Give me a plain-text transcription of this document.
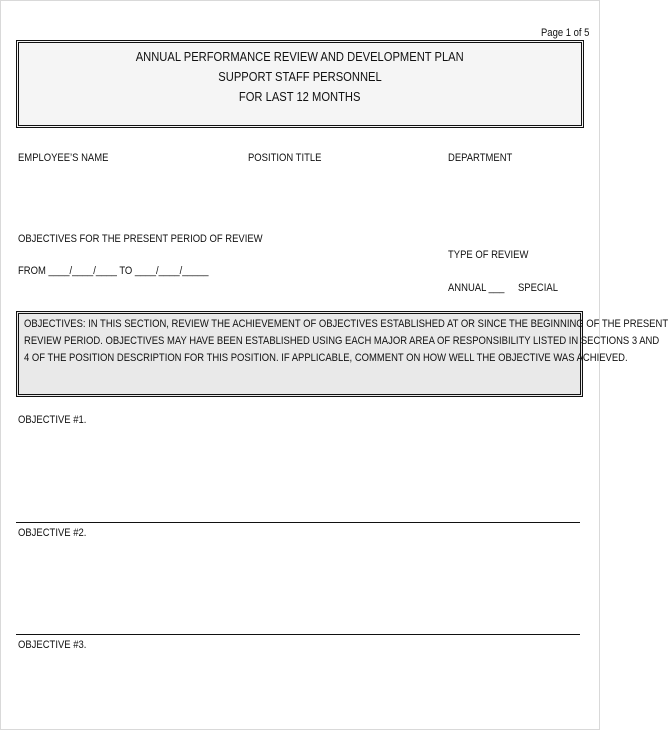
Page 1 of 5
ANNUAL PERFORMANCE REVIEW AND DEVELOPMENT PLAN
SUPPORT STAFF PERSONNEL
FOR LAST 12 MONTHS
EMPLOYEE’S NAME	POSITION TITLE	DEPARTMENT
OBJECTIVES FOR THE PRESENT PERIOD OF REVIEW
TYPE OF REVIEW
FROM ____/____/____ TO ____/____/_____
ANNUAL ___ SPECIAL
OBJECTIVES: IN THIS SECTION, REVIEW THE ACHIEVEMENT OF OBJECTIVES ESTABLISHED AT OR SINCE THE BEGINNING OF THE PRESENT
REVIEW PERIOD. OBJECTIVES MAY HAVE BEEN ESTABLISHED USING EACH MAJOR AREA OF RESPONSIBILITY LISTED IN SECTIONS 3 AND
4 OF THE POSITION DESCRIPTION FOR THIS POSITION. IF APPLICABLE, COMMENT ON HOW WELL THE OBJECTIVE WAS ACHIEVED.
OBJECTIVE #1.
OBJECTIVE #2.
OBJECTIVE #3.
